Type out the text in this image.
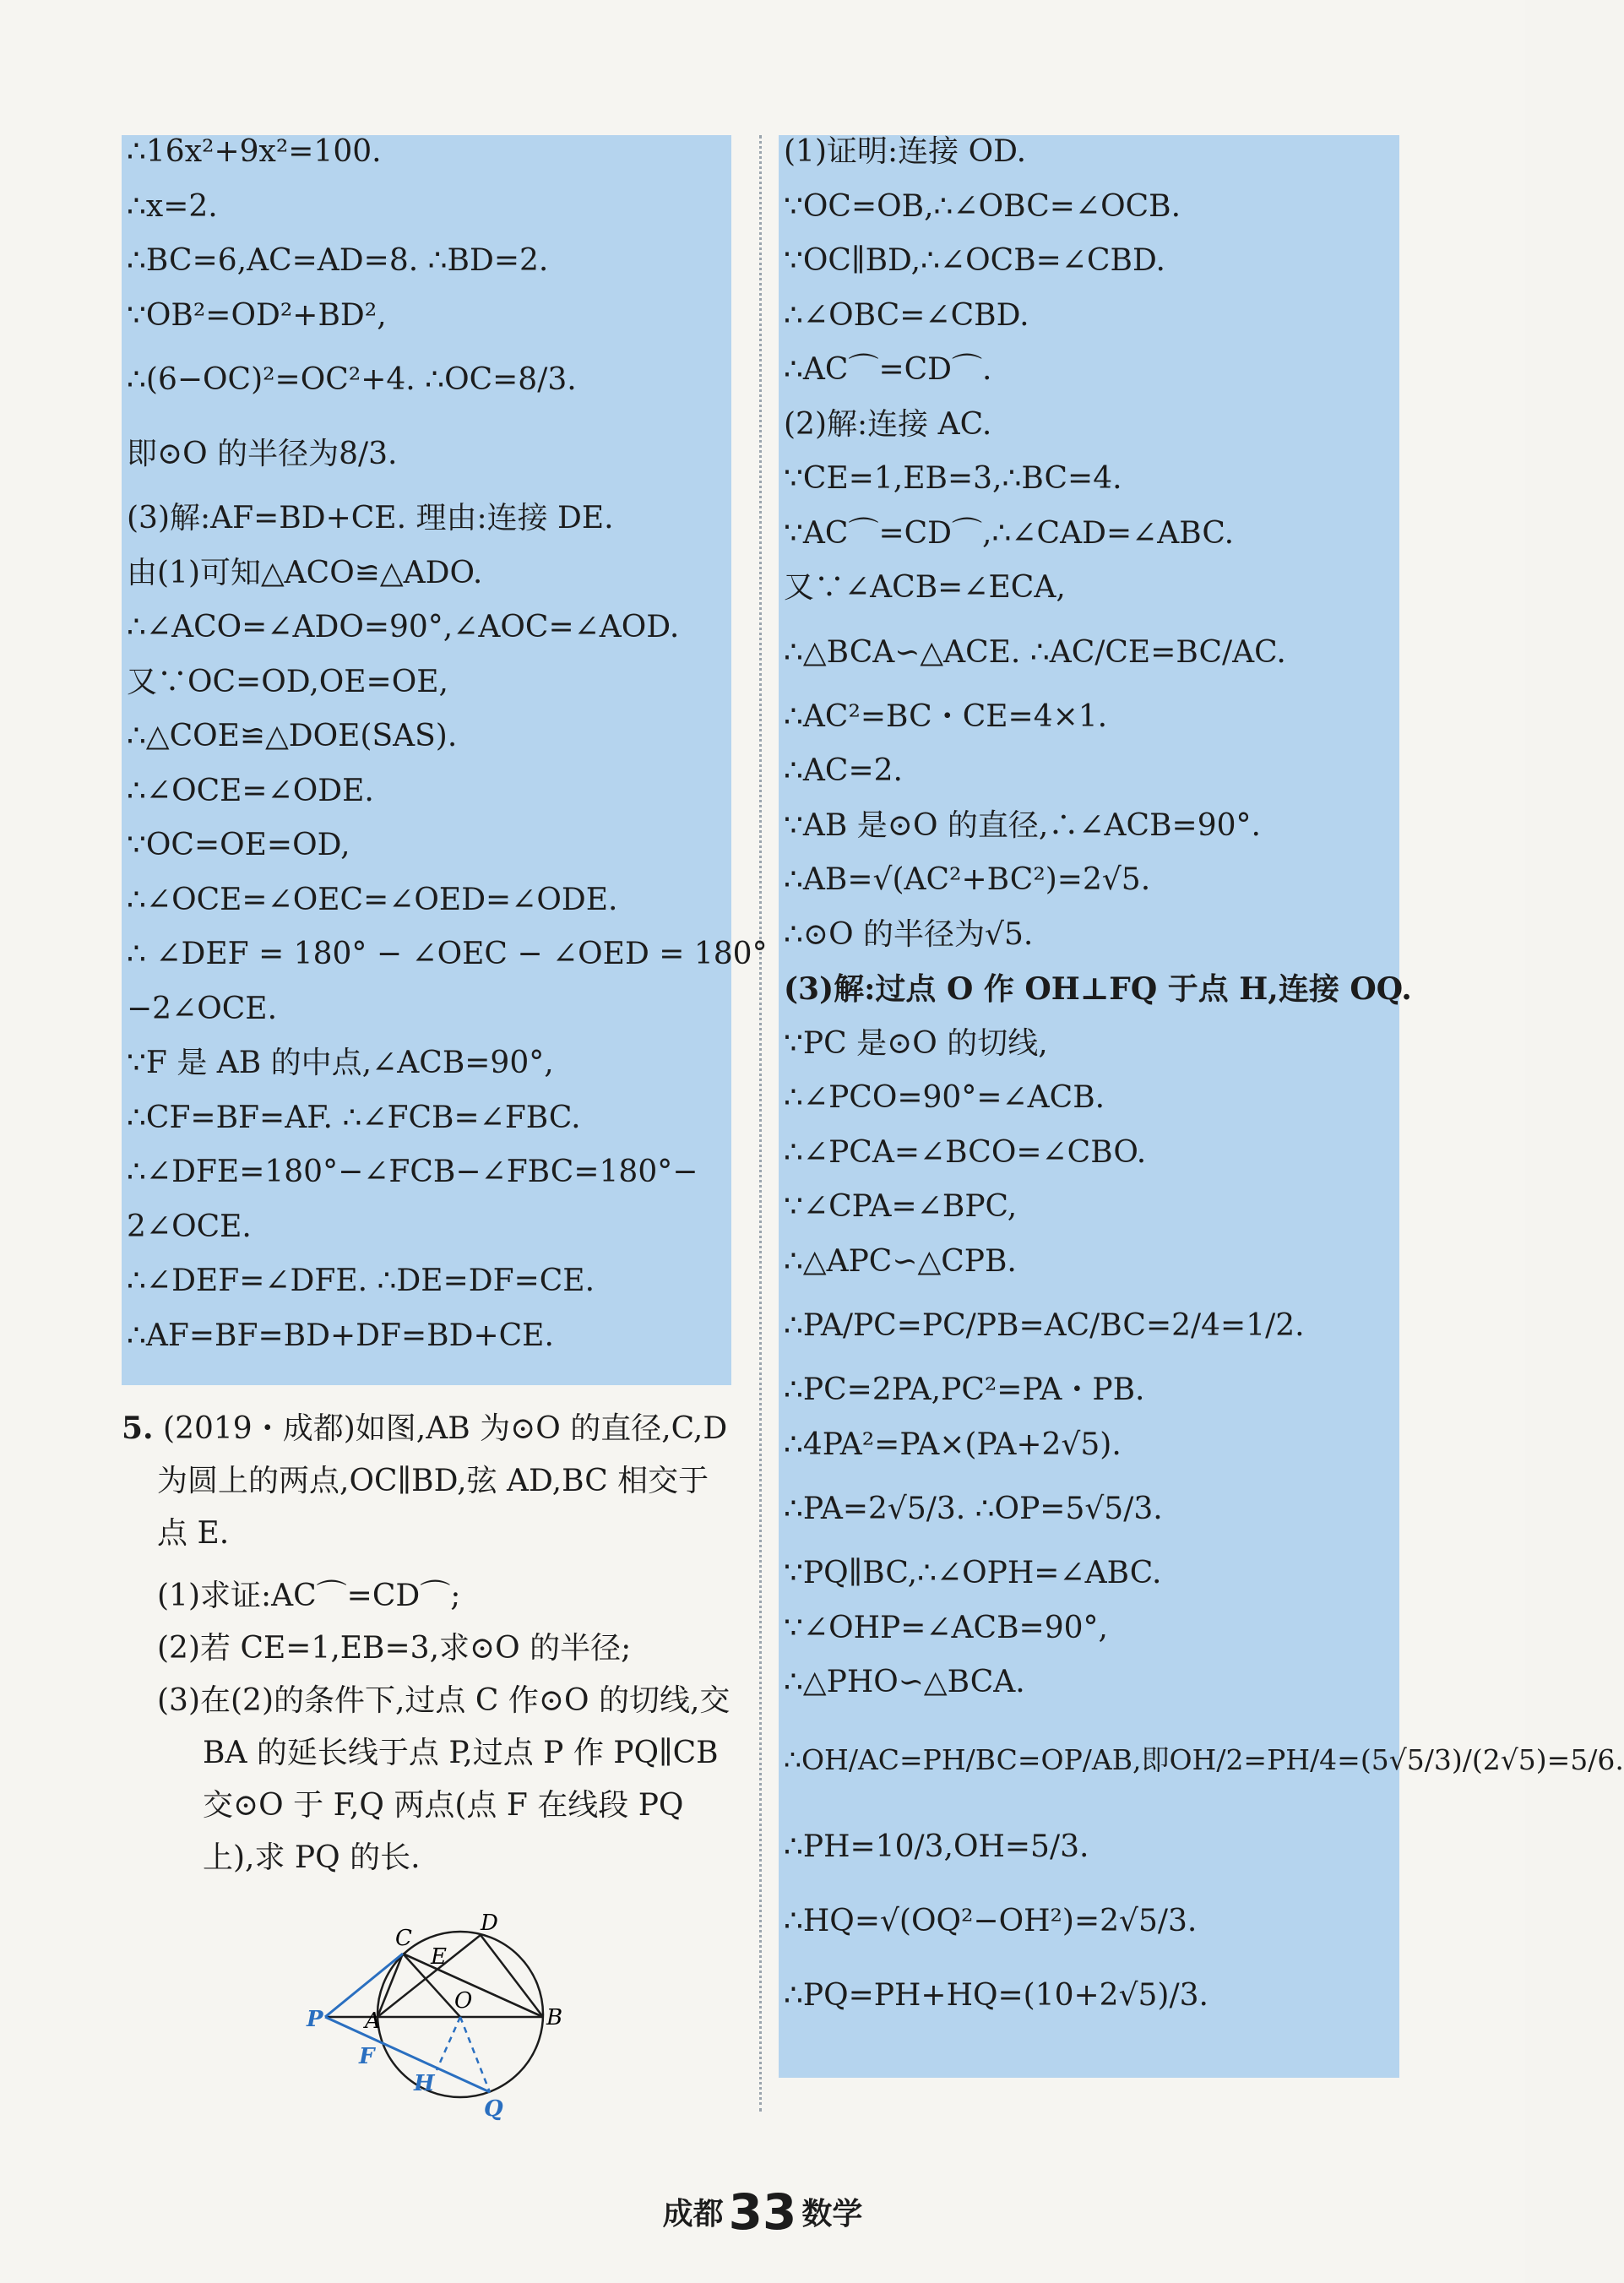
∴16x²+9x²=100.
∴x=2.
∴BC=6,AC=AD=8. ∴BD=2.
∵OB²=OD²+BD²,
∴(6−OC)²=OC²+4. ∴OC=8/3.
即⊙O 的半径为8/3.
(3)解:AF=BD+CE. 理由:连接 DE.
由(1)可知△ACO≌△ADO.
∴∠ACO=∠ADO=90°,∠AOC=∠AOD.
又∵OC=OD,OE=OE,
∴△COE≌△DOE(SAS).
∴∠OCE=∠ODE.
∵OC=OE=OD,
∴∠OCE=∠OEC=∠OED=∠ODE.
∴ ∠DEF = 180° − ∠OEC − ∠OED = 180°
−2∠OCE.
∵F 是 AB 的中点,∠ACB=90°,
∴CF=BF=AF. ∴∠FCB=∠FBC.
∴∠DFE=180°−∠FCB−∠FBC=180°−
2∠OCE.
∴∠DEF=∠DFE. ∴DE=DF=CE.
∴AF=BF=BD+DF=BD+CE.
5. (2019・成都)如图,AB 为⊙O 的直径,C,D
为圆上的两点,OC∥BD,弦 AD,BC 相交于
点 E.
(1)求证:AC⌒=CD⌒;
(2)若 CE=1,EB=3,求⊙O 的半径;
(3)在(2)的条件下,过点 C 作⊙O 的切线,交
BA 的延长线于点 P,过点 P 作 PQ∥CB
交⊙O 于 F,Q 两点(点 F 在线段 PQ
上),求 PQ 的长.
C
D
E
P A
O
B
F
H
Q
(1)证明:连接 OD.
∵OC=OB,∴∠OBC=∠OCB.
∵OC∥BD,∴∠OCB=∠CBD.
∴∠OBC=∠CBD.
∴AC⌒=CD⌒.
(2)解:连接 AC.
∵CE=1,EB=3,∴BC=4.
∵AC⌒=CD⌒,∴∠CAD=∠ABC.
又∵∠ACB=∠ECA,
∴△BCA∽△ACE. ∴AC/CE=BC/AC.
∴AC²=BC・CE=4×1.
∴AC=2.
∵AB 是⊙O 的直径,∴∠ACB=90°.
∴AB=√(AC²+BC²)=2√5.
∴⊙O 的半径为√5.
(3)解:过点 O 作 OH⊥FQ 于点 H,连接 OQ.
∵PC 是⊙O 的切线,
∴∠PCO=90°=∠ACB.
∴∠PCA=∠BCO=∠CBO.
∵∠CPA=∠BPC,
∴△APC∽△CPB.
∴PA/PC=PC/PB=AC/BC=2/4=1/2.
∴PC=2PA,PC²=PA・PB.
∴4PA²=PA×(PA+2√5).
∴PA=2√5/3. ∴OP=5√5/3.
∵PQ∥BC,∴∠OPH=∠ABC.
∵∠OHP=∠ACB=90°,
∴△PHO∽△BCA.
∴OH/AC=PH/BC=OP/AB,即OH/2=PH/4=(5√5/3)/(2√5)=5/6.
∴PH=10/3,OH=5/3.
∴HQ=√(OQ²−OH²)=2√5/3.
∴PQ=PH+HQ=(10+2√5)/3.
成都 33 数学
